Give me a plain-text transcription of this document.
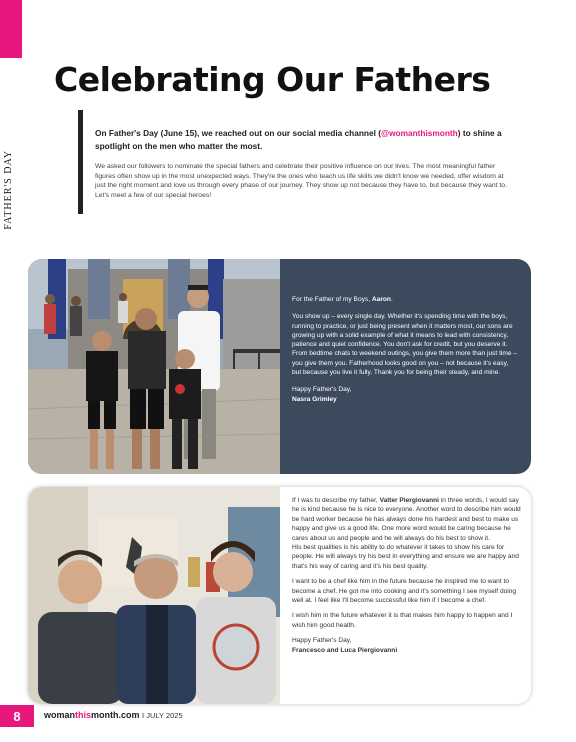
FATHER'S DAY
Celebrating Our Fathers

On Father's Day (June 15), we reached out on our social media channel (@womanthismonth) to shine a spotlight on the men who matter the most.

We asked our followers to nominate the special fathers and celebrate their positive influence on our lives. The most meaningful father figures often show up in the most unexpected ways. They're the ones who teach us life skills we didn't know we needed, offer wisdom at just the right moment and love us through every phase of our journey. They show up not because they have to, but because they want to. Let's meet a few of our special heroes!

For the Father of my Boys, Aaron.

You show up – every single day. Whether it's spending time with the boys, running to practice, or just being present when it matters most, our sons are growing up with a solid example of what it means to lead with consistency, patience and quiet confidence. You don't ask for credit, but you deserve it. From bedtime chats to weekend outings, you give them more than just time – you give them you. Fatherhood looks good on you – not because it's easy, but because you live it fully. Thank you for being their steady, and mine.

Happy Father's Day,
Nasra Grimley

If I was to describe my father, Valter Piergiovanni in three words, I would say he is kind because he is nice to everyone. Another word to describe him would be hard worker because he has always done his hardest and best to make us happy and give us a good life. One more word would be caring because he cares about us and people and he will always do his best to show it.
His best qualities is his ability to do whatever it takes to show his care for people. He will always try his best in everything and ensure we are happy and that's his way of caring and it's his best quality.

I want to be a chef like him in the future because he inspired me to want to become a chef. He got me into cooking and it's something I see myself doing well at. I feel like I'll become successful like him if I become a chef.

I wish him in the future whatever it is that makes him happy to happen and I wish him good health.

Happy Father's Day,
Francesco and Luca Piergiovanni

8	womanthismonth.com I JULY 2025
